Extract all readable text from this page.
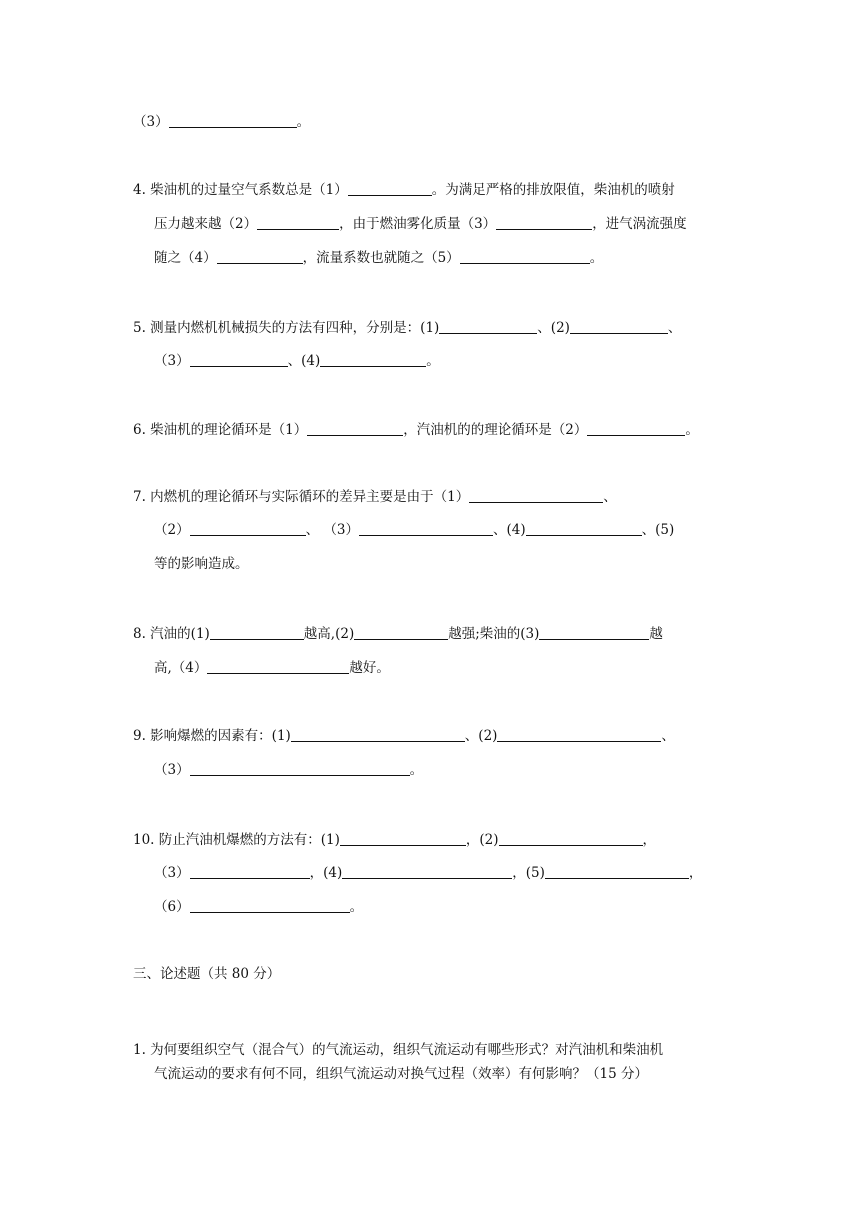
（3）	。
4. 柴油机的过量空气系数总是（1）	。为满足严格的排放限值，柴油机的喷射
压力越来越（2）	，由于燃油雾化质量（3）	，进气涡流强度
随之（4）	，流量系数也就随之（5）	。
5. 测量内燃机机械损失的方法有四种，分别是：(1)	、(2)	、
（3）	、(4)	。
6. 柴油机的理论循环是（1）	，汽油机的的理论循环是（2）	。
7. 内燃机的理论循环与实际循环的差异主要是由于（1）	、
（2）	、 （3）	、(4)	、(5)
等的影响造成。
8. 汽油的(1)	越高,(2)	越强;柴油的(3)	越
高,（4）	越好。
9. 影响爆燃的因素有：(1)	、(2)	、
（3）	。
10. 防止汽油机爆燃的方法有：(1)	，(2)	，
（3）	，(4)	，(5)	，
（6）	。
三、论述题（共 80 分）
1. 为何要组织空气（混合气）的气流运动，组织气流运动有哪些形式？对汽油机和柴油机
气流运动的要求有何不同，组织气流运动对换气过程（效率）有何影响？（15 分）
